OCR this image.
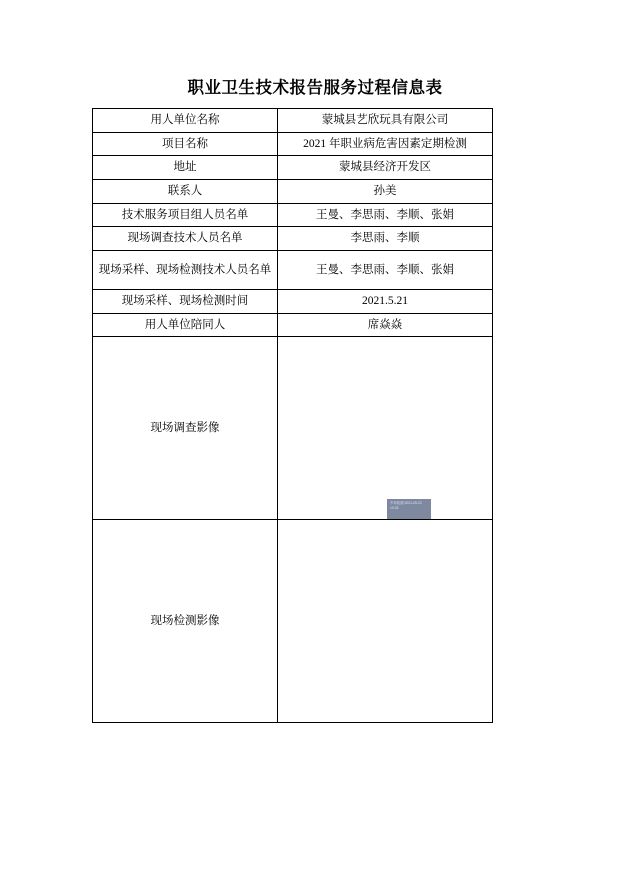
职业卫生技术报告服务过程信息表
用人单位名称	蒙城县艺欣玩具有限公司
项目名称	2021 年职业病危害因素定期检测
地址	蒙城县经济开发区
联系人	孙美
技术服务项目组人员名单	王曼、李思雨、李顺、张娟
现场调查技术人员名单	李思雨、李顺
现场采样、现场检测技术人员名单	王曼、李思雨、李顺、张娟
现场采样、现场检测时间	2021.5.21
用人单位陪同人	席焱焱
现场调查影像	

现场检测影像	
